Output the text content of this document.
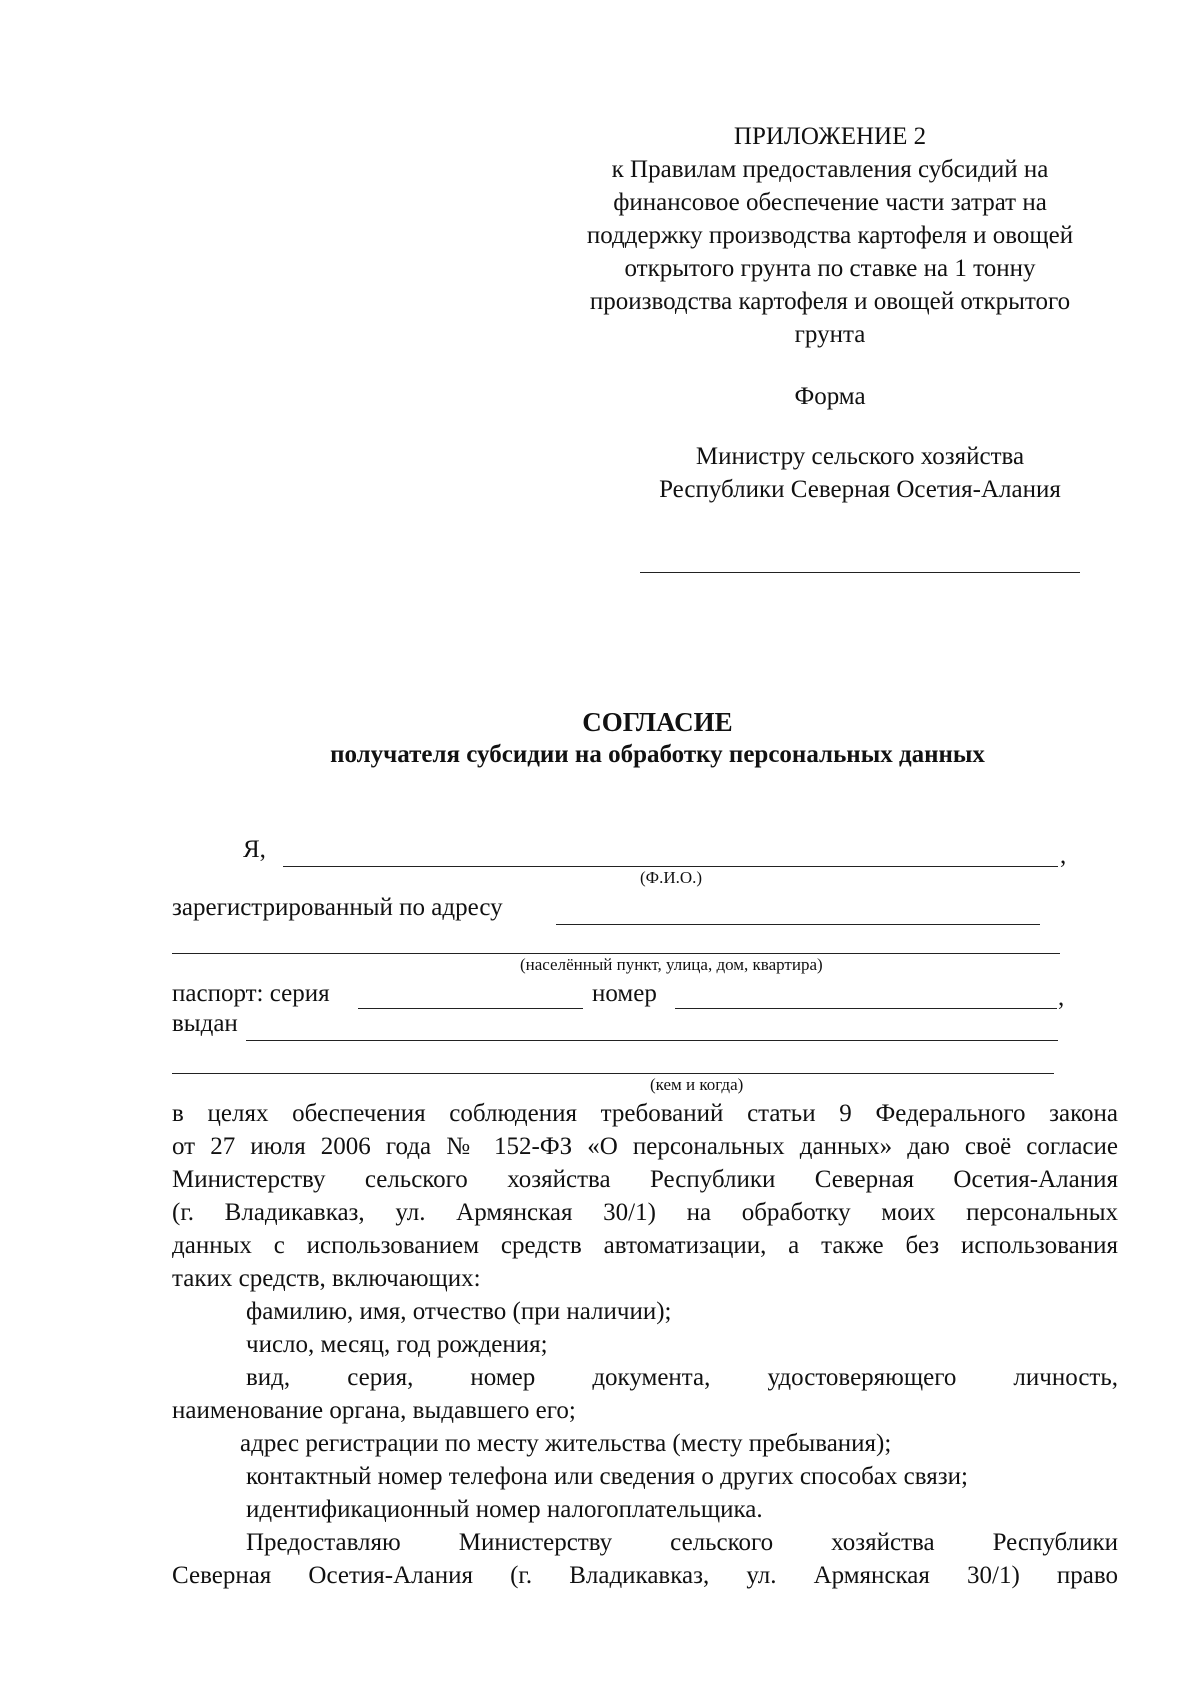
ПРИЛОЖЕНИЕ 2
к Правилам предоставления субсидий на
финансовое обеспечение части затрат на
поддержку производства картофеля и овощей
открытого грунта по ставке на 1 тонну
производства картофеля и овощей открытого
грунта
Форма
Министру сельского хозяйства
Республики Северная Осетия-Алания
СОГЛАСИЕ
получателя субсидии на обработку персональных данных
Я,	,
(Ф.И.О.)
зарегистрированный по адресу
(населённый пункт, улица, дом, квартира)
паспорт: серия	номер	,
выдан
(кем и когда)
в целях обеспечения соблюдения требований статьи 9 Федерального закона
от 27 июля 2006 года № 152-ФЗ «О персональных данных» даю своё согласие
Министерству сельского хозяйства Республики Северная Осетия-Алания
(г. Владикавказ, ул. Армянская 30/1) на обработку моих персональных
данных с использованием средств автоматизации, а также без использования
таких средств, включающих:
фамилию, имя, отчество (при наличии);
число, месяц, год рождения;
вид, серия, номер документа, удостоверяющего личность,
наименование органа, выдавшего его;
адрес регистрации по месту жительства (месту пребывания);
контактный номер телефона или сведения о других способах связи;
идентификационный номер налогоплательщика.
Предоставляю Министерству сельского хозяйства Республики
Северная Осетия-Алания (г. Владикавказ, ул. Армянская 30/1) право
